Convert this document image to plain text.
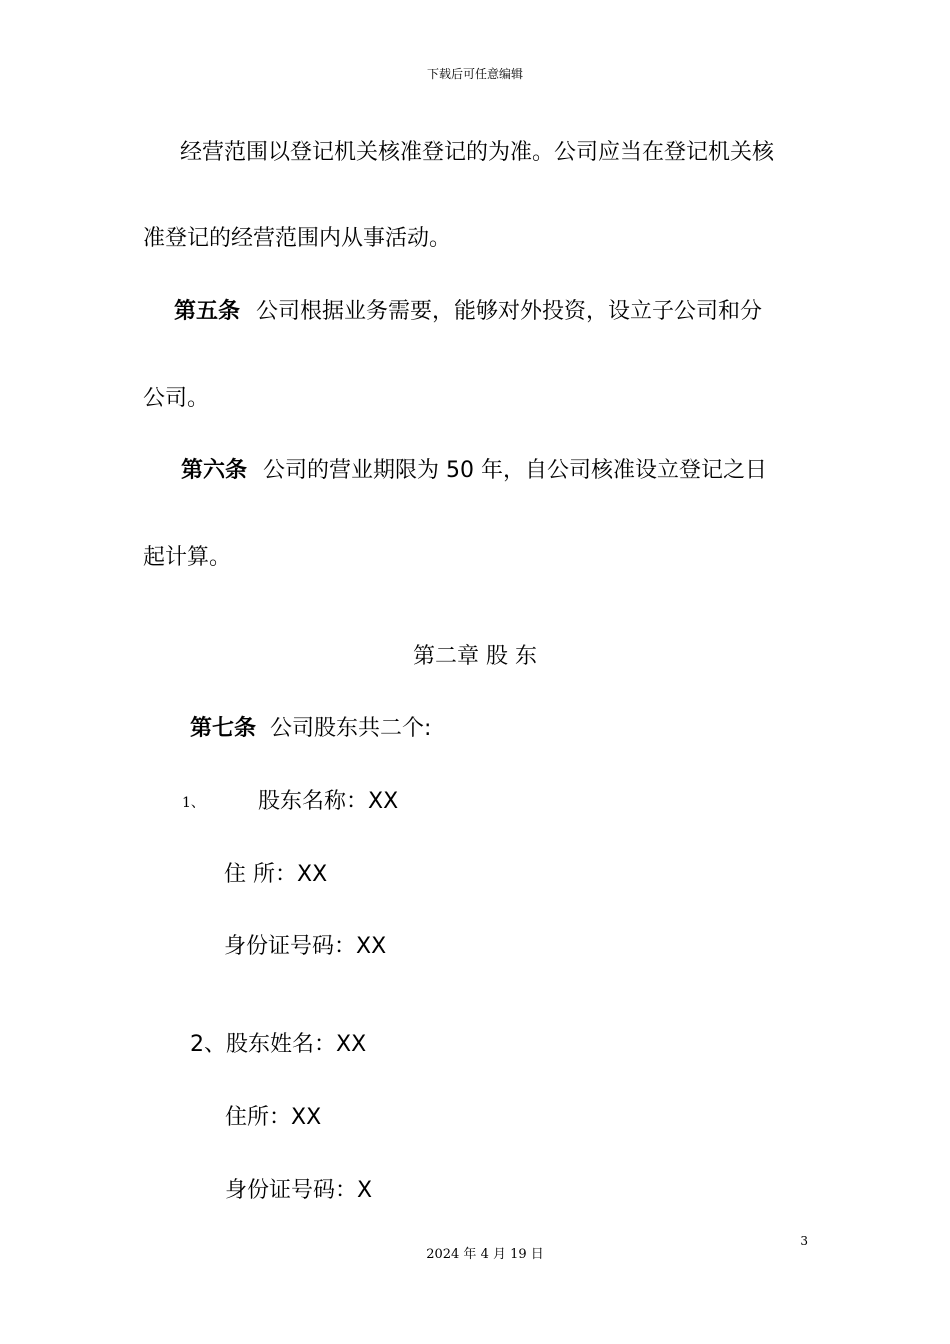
下载后可任意编辑
经营范围以登记机关核准登记的为准。公司应当在登记机关核
准登记的经营范围内从事活动。
第五条 公司根据业务需要，能够对外投资，设立子公司和分
公司。
第六条 公司的营业期限为 50 年，自公司核准设立登记之日
起计算。
第二章 股 东
第七条 公司股东共二个:
1、 股东名称：XX
住 所：XX
身份证号码：XX
2、股东姓名：XX
住所：XX
身份证号码：X
3
2024 年 4 月 19 日
